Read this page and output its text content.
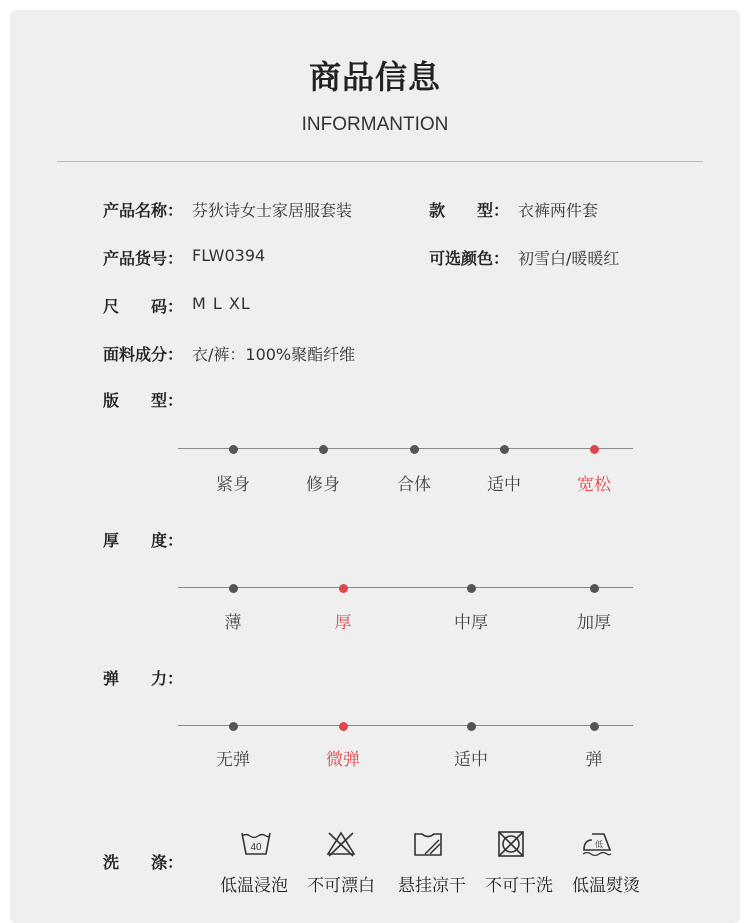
商品信息
INFORMANTION
产品名称： 芬狄诗女士家居服套装	款　　型： 衣裤两件套
产品货号： FLW0394	可选颜色： 初雪白/暖暖红
尺　　码： M L XL
面料成分： 衣/裤：100%聚酯纤维
版　　型：
紧身	修身	合体	适中	宽松
厚　　度：
薄	厚	中厚	加厚
弹　　力：
无弹	微弹	适中	弹
洗　　涤：
40	低
低温浸泡 不可漂白 悬挂凉干 不可干洗 低温熨烫
